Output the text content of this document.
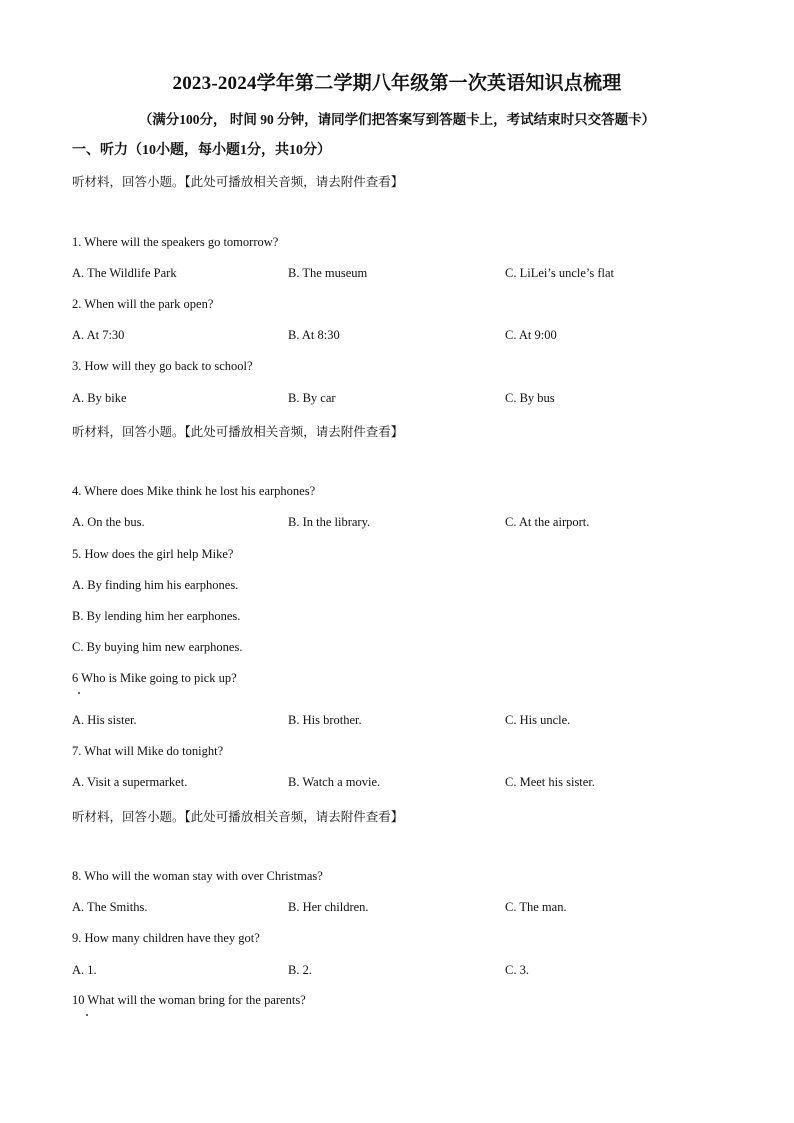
2023-2024学年第二学期八年级第一次英语知识点梳理
（满分100分， 时间 90 分钟，请同学们把答案写到答题卡上，考试结束时只交答题卡）
一、听力（10小题，每小题1分，共10分）
听材料，回答小题。【此处可播放相关音频，请去附件查看】
1. Where will the speakers go tomorrow?
A. The Wildlife Park	B. The museum	C. LiLei’s uncle’s flat
2. When will the park open?
A. At 7:30	B. At 8:30	C. At 9:00
3. How will they go back to school?
A. By bike	B. By car	C. By bus
听材料，回答小题。【此处可播放相关音频，请去附件查看】
4. Where does Mike think he lost his earphones?
A. On the bus.	B. In the library.	C. At the airport.
5. How does the girl help Mike?
A. By finding him his earphones.
B. By lending him her earphones.
C. By buying him new earphones.
6 Who is Mike going to pick up?
A. His sister.	B. His brother.	C. His uncle.
7. What will Mike do tonight?
A. Visit a supermarket.	B. Watch a movie.	C. Meet his sister.
听材料，回答小题。【此处可播放相关音频，请去附件查看】
8. Who will the woman stay with over Christmas?
A. The Smiths.	B. Her children.	C. The man.
9. How many children have they got?
A. 1.	B. 2.	C. 3.
10 What will the woman bring for the parents?
